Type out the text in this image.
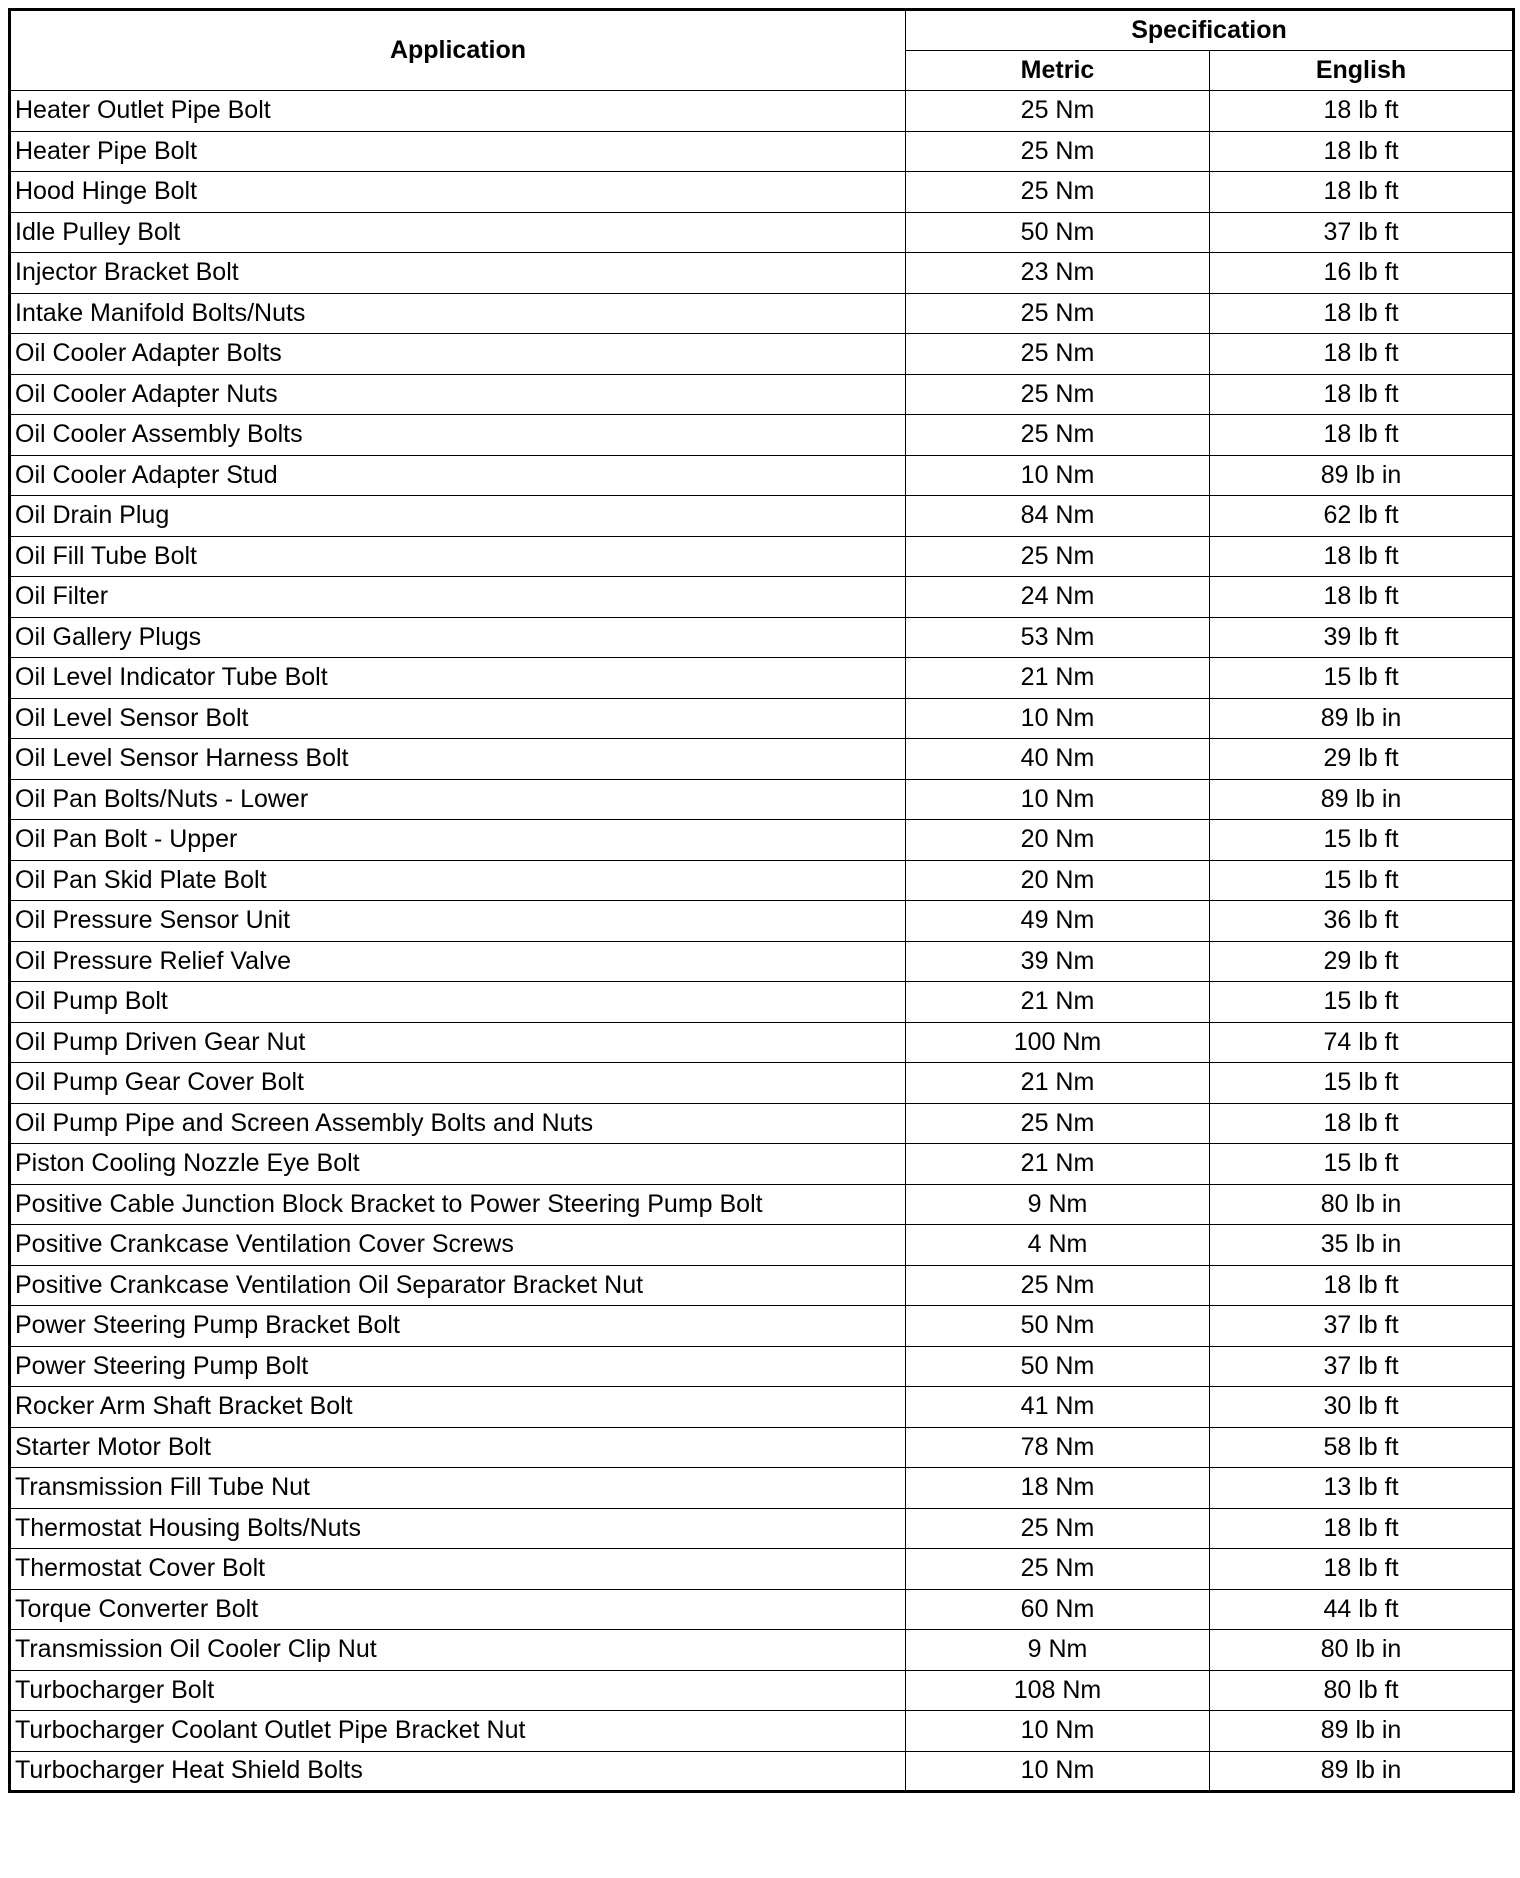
Application	Specification	
	Metric	English
Heater Outlet Pipe Bolt	25 Nm	18 lb ft
Heater Pipe Bolt	25 Nm	18 lb ft
Hood Hinge Bolt	25 Nm	18 lb ft
Idle Pulley Bolt	50 Nm	37 lb ft
Injector Bracket Bolt	23 Nm	16 lb ft
Intake Manifold Bolts/Nuts	25 Nm	18 lb ft
Oil Cooler Adapter Bolts	25 Nm	18 lb ft
Oil Cooler Adapter Nuts	25 Nm	18 lb ft
Oil Cooler Assembly Bolts	25 Nm	18 lb ft
Oil Cooler Adapter Stud	10 Nm	89 lb in
Oil Drain Plug	84 Nm	62 lb ft
Oil Fill Tube Bolt	25 Nm	18 lb ft
Oil Filter	24 Nm	18 lb ft
Oil Gallery Plugs	53 Nm	39 lb ft
Oil Level Indicator Tube Bolt	21 Nm	15 lb ft
Oil Level Sensor Bolt	10 Nm	89 lb in
Oil Level Sensor Harness Bolt	40 Nm	29 lb ft
Oil Pan Bolts/Nuts - Lower	10 Nm	89 lb in
Oil Pan Bolt - Upper	20 Nm	15 lb ft
Oil Pan Skid Plate Bolt	20 Nm	15 lb ft
Oil Pressure Sensor Unit	49 Nm	36 lb ft
Oil Pressure Relief Valve	39 Nm	29 lb ft
Oil Pump Bolt	21 Nm	15 lb ft
Oil Pump Driven Gear Nut	100 Nm	74 lb ft
Oil Pump Gear Cover Bolt	21 Nm	15 lb ft
Oil Pump Pipe and Screen Assembly Bolts and Nuts	25 Nm	18 lb ft
Piston Cooling Nozzle Eye Bolt	21 Nm	15 lb ft
Positive Cable Junction Block Bracket to Power Steering Pump Bolt	9 Nm	80 lb in
Positive Crankcase Ventilation Cover Screws	4 Nm	35 lb in
Positive Crankcase Ventilation Oil Separator Bracket Nut	25 Nm	18 lb ft
Power Steering Pump Bracket Bolt	50 Nm	37 lb ft
Power Steering Pump Bolt	50 Nm	37 lb ft
Rocker Arm Shaft Bracket Bolt	41 Nm	30 lb ft
Starter Motor Bolt	78 Nm	58 lb ft
Transmission Fill Tube Nut	18 Nm	13 lb ft
Thermostat Housing Bolts/Nuts	25 Nm	18 lb ft
Thermostat Cover Bolt	25 Nm	18 lb ft
Torque Converter Bolt	60 Nm	44 lb ft
Transmission Oil Cooler Clip Nut	9 Nm	80 lb in
Turbocharger Bolt	108 Nm	80 lb ft
Turbocharger Coolant Outlet Pipe Bracket Nut	10 Nm	89 lb in
Turbocharger Heat Shield Bolts	10 Nm	89 lb in
